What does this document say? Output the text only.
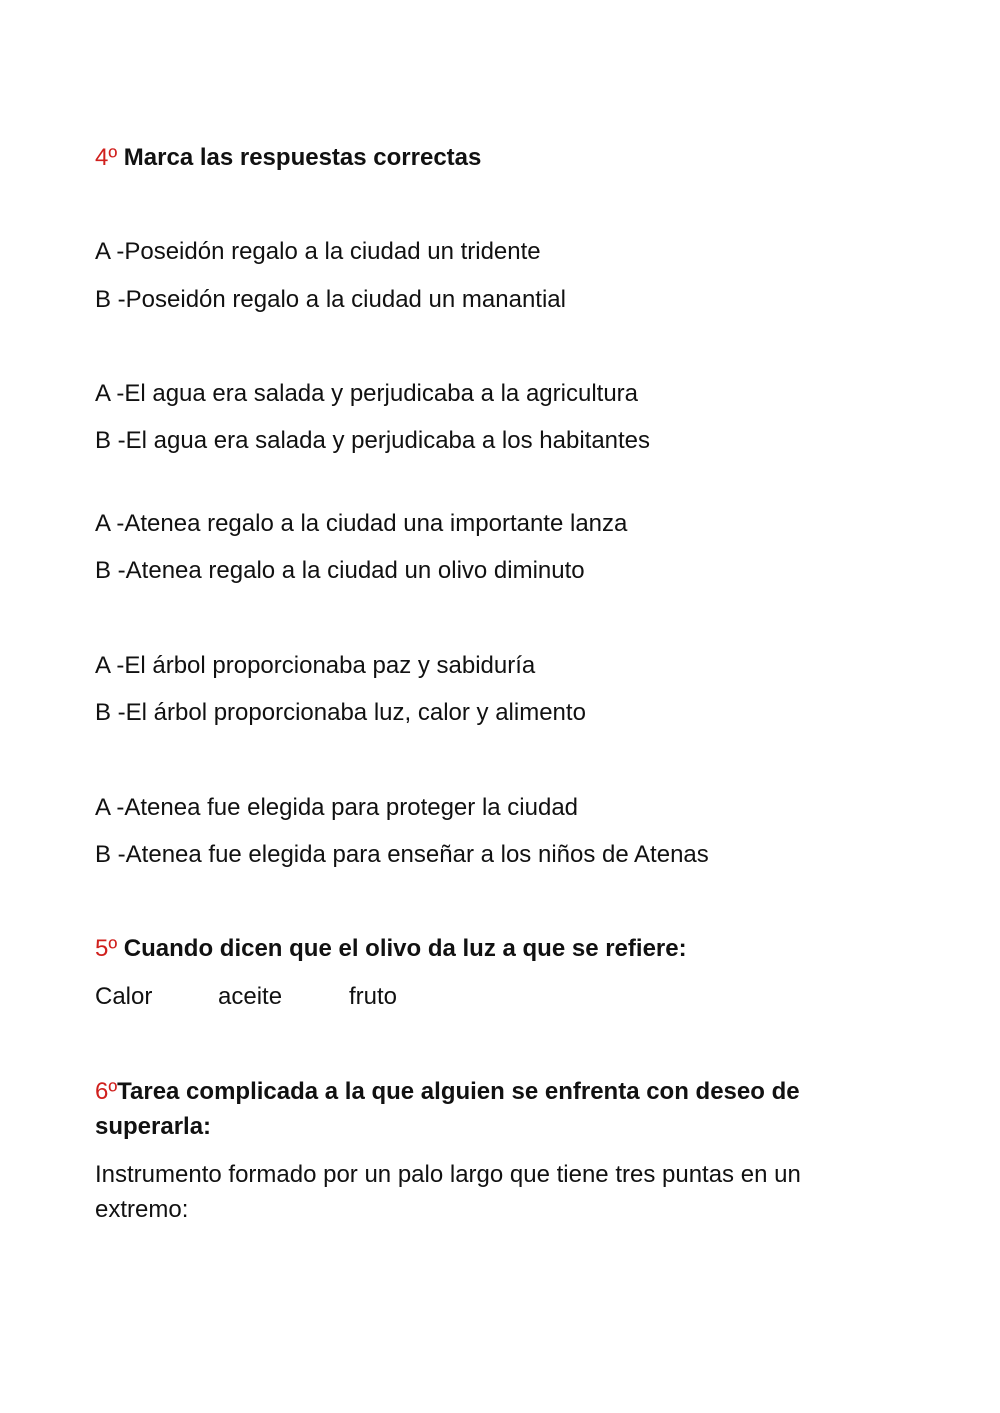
4º Marca las respuestas correctas
A -Poseidón regalo a la ciudad un tridente
B -Poseidón regalo a la ciudad un manantial
A -El agua era salada y perjudicaba a la agricultura
B -El agua era salada y perjudicaba a los habitantes
A -Atenea regalo a la ciudad una importante lanza
B -Atenea regalo a la ciudad un olivo diminuto
A -El árbol proporcionaba paz y sabiduría
B -El árbol proporcionaba luz, calor y alimento
A -Atenea fue elegida para proteger la ciudad
B -Atenea fue elegida para enseñar a los niños de Atenas
5º Cuando dicen que el olivo da luz a que se refiere:
Calor	aceite	fruto
6ºTarea complicada a la que alguien se enfrenta con deseo de superarla:
Instrumento formado por un palo largo que tiene tres puntas en un extremo:
